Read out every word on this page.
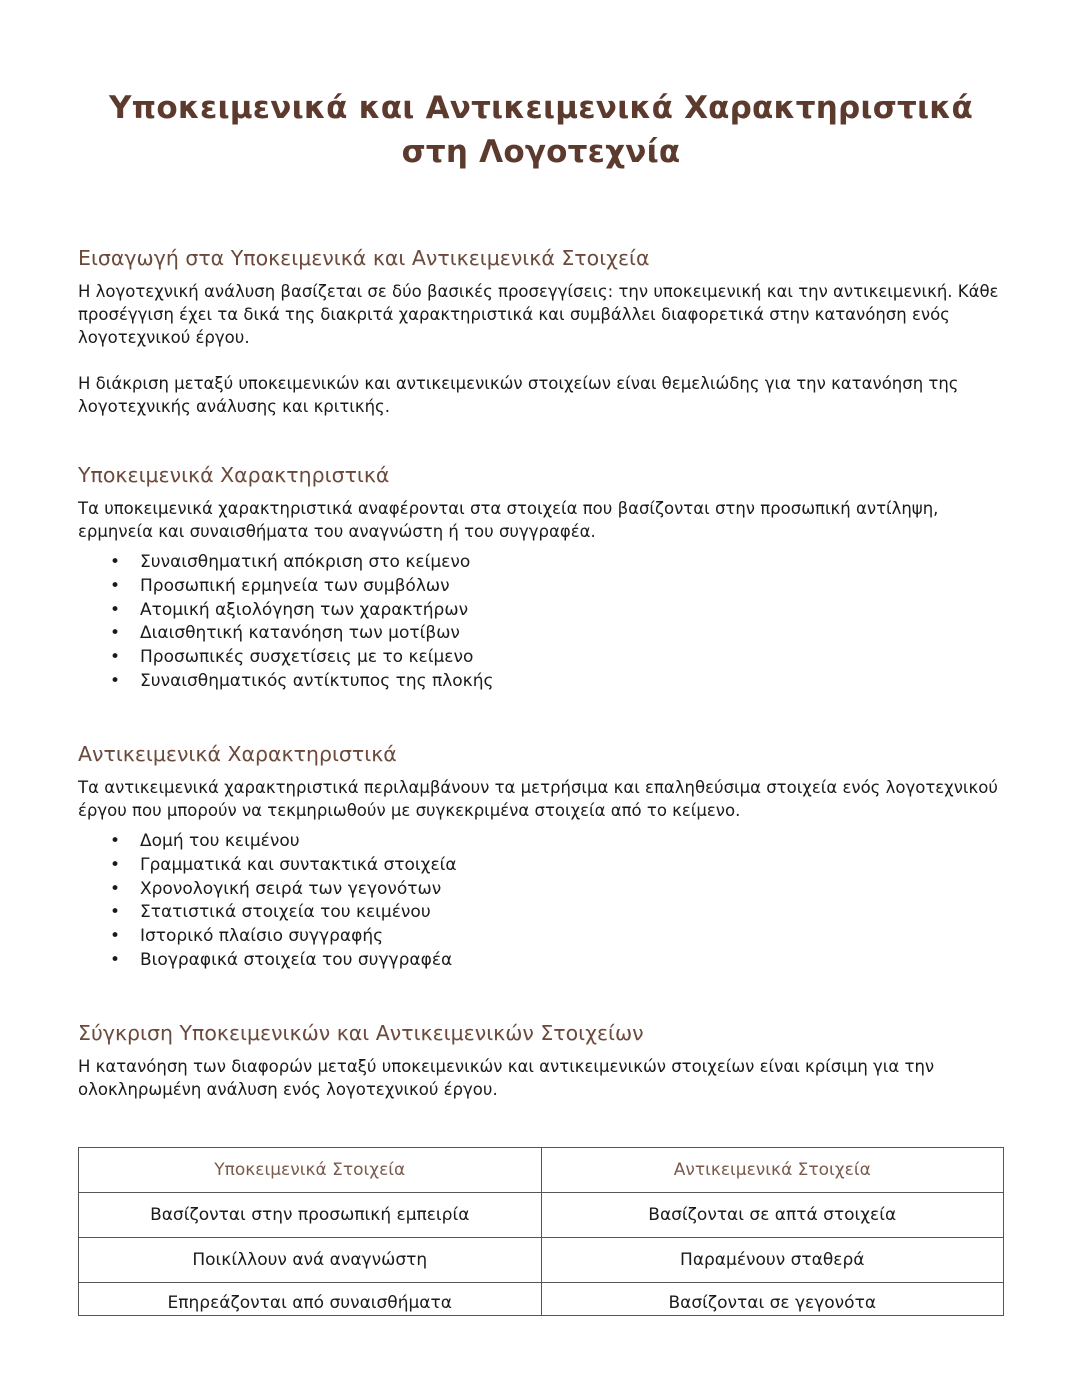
Υποκειμενικά και Αντικειμενικά Χαρακτηριστικά στη Λογοτεχνία
Εισαγωγή στα Υποκειμενικά και Αντικειμενικά Στοιχεία

Η λογοτεχνική ανάλυση βασίζεται σε δύο βασικές προσεγγίσεις: την υποκειμενική και την αντικειμενική. Κάθε προσέγγιση έχει τα δικά της διακριτά χαρακτηριστικά και συμβάλλει διαφορετικά στην κατανόηση ενός λογοτεχνικού έργου.

Η διάκριση μεταξύ υποκειμενικών και αντικειμενικών στοιχείων είναι θεμελιώδης για την κατανόηση της λογοτεχνικής ανάλυσης και κριτικής.

Υποκειμενικά Χαρακτηριστικά

Τα υποκειμενικά χαρακτηριστικά αναφέρονται στα στοιχεία που βασίζονται στην προσωπική αντίληψη, ερμηνεία και συναισθήματα του αναγνώστη ή του συγγραφέα.

• Συναισθηματική απόκριση στο κείμενο
• Προσωπική ερμηνεία των συμβόλων
• Ατομική αξιολόγηση των χαρακτήρων
• Διαισθητική κατανόηση των μοτίβων
• Προσωπικές συσχετίσεις με το κείμενο
• Συναισθηματικός αντίκτυπος της πλοκής
Αντικειμενικά Χαρακτηριστικά

Τα αντικειμενικά χαρακτηριστικά περιλαμβάνουν τα μετρήσιμα και επαληθεύσιμα στοιχεία ενός λογοτεχνικού έργου που μπορούν να τεκμηριωθούν με συγκεκριμένα στοιχεία από το κείμενο.

• Δομή του κειμένου
• Γραμματικά και συντακτικά στοιχεία
• Χρονολογική σειρά των γεγονότων
• Στατιστικά στοιχεία του κειμένου
• Ιστορικό πλαίσιο συγγραφής
• Βιογραφικά στοιχεία του συγγραφέα
Σύγκριση Υποκειμενικών και Αντικειμενικών Στοιχείων

Η κατανόηση των διαφορών μεταξύ υποκειμενικών και αντικειμενικών στοιχείων είναι κρίσιμη για την ολοκληρωμένη ανάλυση ενός λογοτεχνικού έργου.

Υποκειμενικά Στοιχεία	Αντικειμενικά Στοιχεία
Βασίζονται στην προσωπική εμπειρία	Βασίζονται σε απτά στοιχεία
Ποικίλλουν ανά αναγνώστη	Παραμένουν σταθερά
Επηρεάζονται από συναισθήματα	Βασίζονται σε γεγονότα
